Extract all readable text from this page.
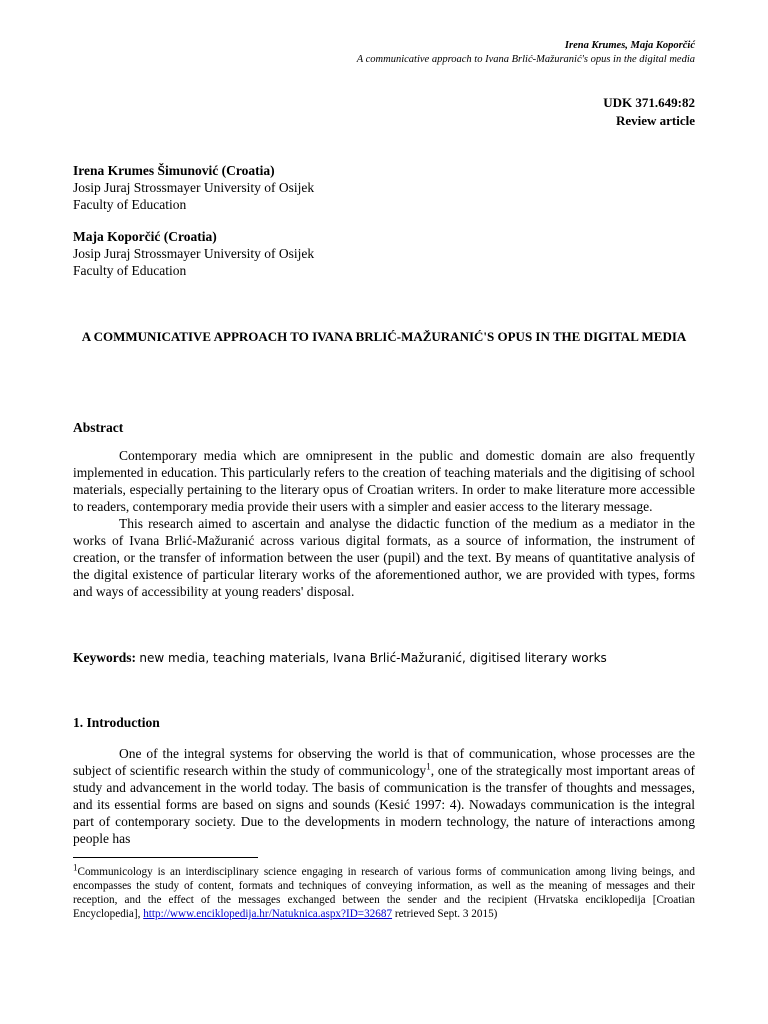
Irena Krumes, Maja Koporčić
A communicative approach to Ivana Brlić-Mažuranić's opus in the digital media
UDK 371.649:82
Review article
Irena Krumes Šimunović (Croatia)
Josip Juraj Strossmayer University of Osijek
Faculty of Education
Maja Koporčić (Croatia)
Josip Juraj Strossmayer University of Osijek
Faculty of Education
A COMMUNICATIVE APPROACH TO IVANA BRLIĆ-MAŽURANIĆ'S OPUS IN THE DIGITAL MEDIA
Abstract

Contemporary media which are omnipresent in the public and domestic domain are also frequently implemented in education. This particularly refers to the creation of teaching materials and the digitising of school materials, especially pertaining to the literary opus of Croatian writers. In order to make literature more accessible to readers, contemporary media provide their users with a simpler and easier access to the literary message.

This research aimed to ascertain and analyse the didactic function of the medium as a mediator in the works of Ivana Brlić-Mažuranić across various digital formats, as a source of information, the instrument of creation, or the transfer of information between the user (pupil) and the text. By means of quantitative analysis of the digital existence of particular literary works of the aforementioned author, we are provided with types, forms and ways of accessibility at young readers' disposal.

Keywords: new media, teaching materials, Ivana Brlić-Mažuranić, digitised literary works
1. Introduction

One of the integral systems for observing the world is that of communication, whose processes are the subject of scientific research within the study of communicology$^1$, one of the strategically most important areas of study and advancement in the world today. The basis of communication is the transfer of thoughts and messages, and its essential forms are based on signs and sounds (Kesić 1997: 4). Nowadays communication is the integral part of contemporary society. Due to the developments in modern technology, the nature of interactions among people has

$^1$Communicology is an interdisciplinary science engaging in research of various forms of communication among living beings, and encompasses the study of content, formats and techniques of conveying information, as well as the meaning of messages and their reception, and the effect of the messages exchanged between the sender and the recipient (Hrvatska enciklopedija [Croatian Encyclopedia], http://www.enciklopedija.hr/Natuknica.aspx?ID=32687 retrieved Sept. 3 2015)
